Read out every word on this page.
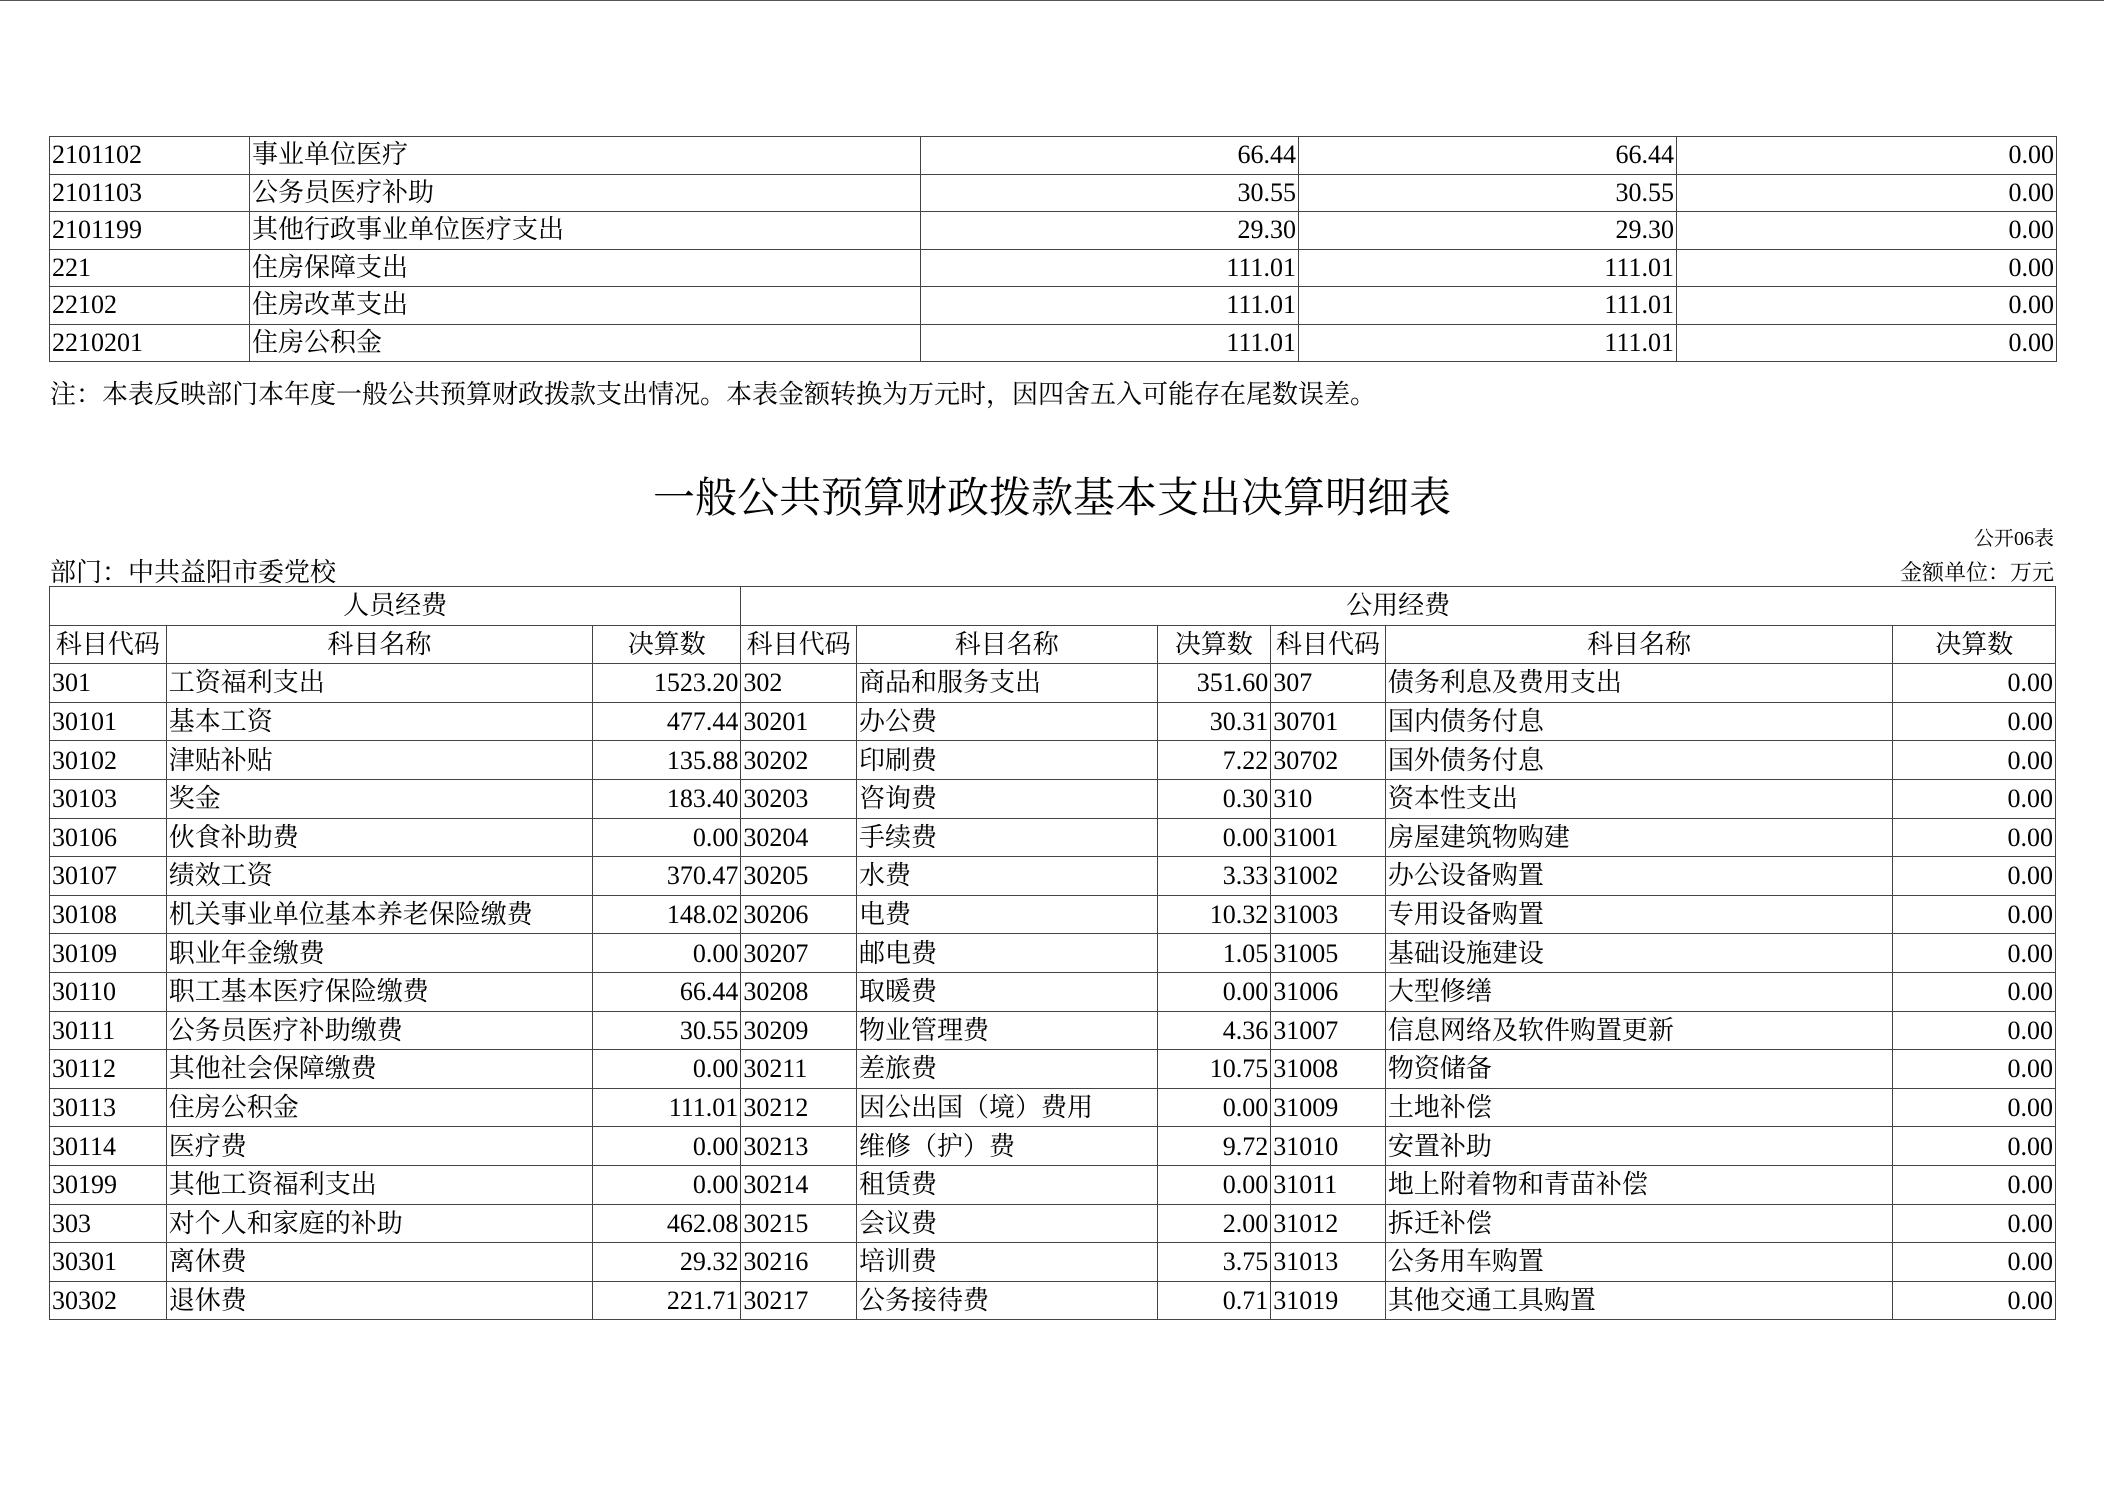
2101102	事业单位医疗	66.44	66.44	0.00
2101103	公务员医疗补助	30.55	30.55	0.00
2101199	其他行政事业单位医疗支出	29.30	29.30	0.00
221	住房保障支出	111.01	111.01	0.00
22102	住房改革支出	111.01	111.01	0.00
2210201	住房公积金	111.01	111.01	0.00
注：本表反映部门本年度一般公共预算财政拨款支出情况。本表金额转换为万元时，因四舍五入可能存在尾数误差。
一般公共预算财政拨款基本支出决算明细表
公开06表
部门：中共益阳市委党校	金额单位：万元
人员经费			公用经费					
科目代码	科目名称	决算数	科目代码	科目名称	决算数	科目代码	科目名称	决算数
301	工资福利支出	1523.20	302	商品和服务支出	351.60	307	债务利息及费用支出	0.00
30101	基本工资	477.44	30201	办公费	30.31	30701	国内债务付息	0.00
30102	津贴补贴	135.88	30202	印刷费	7.22	30702	国外债务付息	0.00
30103	奖金	183.40	30203	咨询费	0.30	310	资本性支出	0.00
30106	伙食补助费	0.00	30204	手续费	0.00	31001	房屋建筑物购建	0.00
30107	绩效工资	370.47	30205	水费	3.33	31002	办公设备购置	0.00
30108	机关事业单位基本养老保险缴费	148.02	30206	电费	10.32	31003	专用设备购置	0.00
30109	职业年金缴费	0.00	30207	邮电费	1.05	31005	基础设施建设	0.00
30110	职工基本医疗保险缴费	66.44	30208	取暖费	0.00	31006	大型修缮	0.00
30111	公务员医疗补助缴费	30.55	30209	物业管理费	4.36	31007	信息网络及软件购置更新	0.00
30112	其他社会保障缴费	0.00	30211	差旅费	10.75	31008	物资储备	0.00
30113	住房公积金	111.01	30212	因公出国（境）费用	0.00	31009	土地补偿	0.00
30114	医疗费	0.00	30213	维修（护）费	9.72	31010	安置补助	0.00
30199	其他工资福利支出	0.00	30214	租赁费	0.00	31011	地上附着物和青苗补偿	0.00
303	对个人和家庭的补助	462.08	30215	会议费	2.00	31012	拆迁补偿	0.00
30301	离休费	29.32	30216	培训费	3.75	31013	公务用车购置	0.00
30302	退休费	221.71	30217	公务接待费	0.71	31019	其他交通工具购置	0.00
